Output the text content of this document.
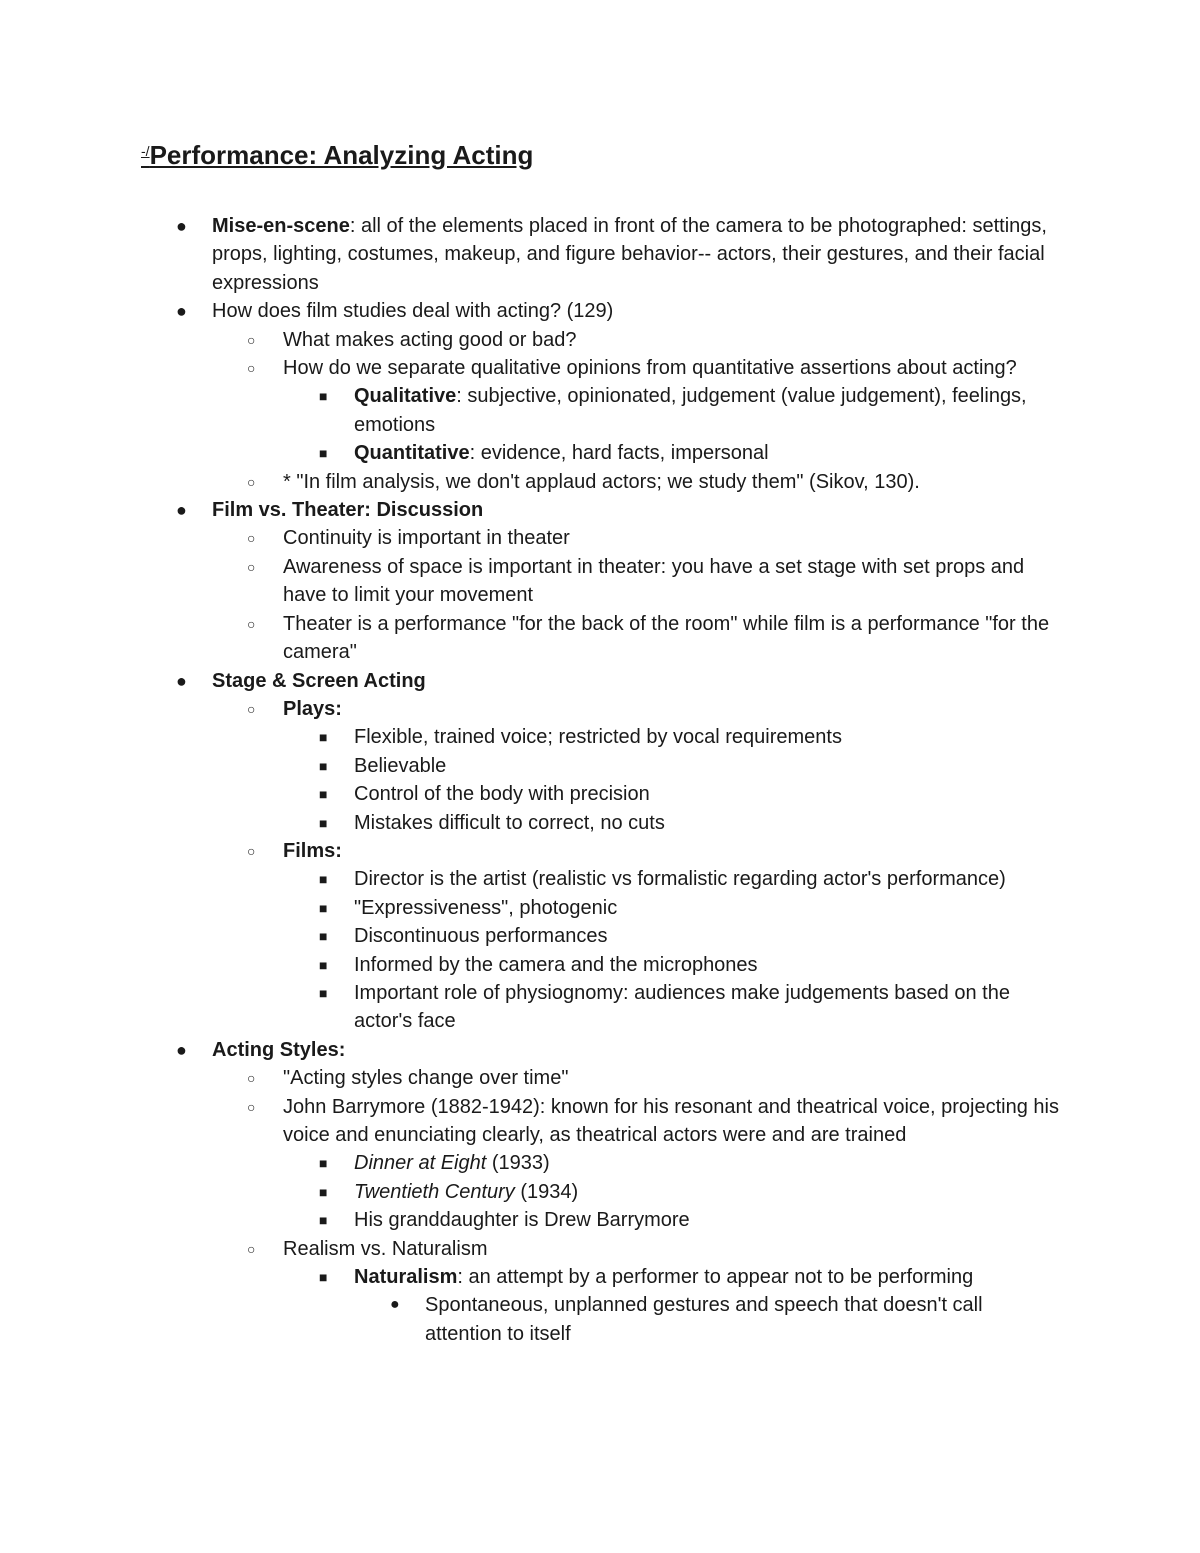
-/Performance: Analyzing Acting
● Mise-en-scene: all of the elements placed in front of the camera to be photographed: settings, props, lighting, costumes, makeup, and figure behavior-- actors, their gestures, and their facial expressions
● How does film studies deal with acting? (129)
○ What makes acting good or bad?
○ How do we separate qualitative opinions from quantitative assertions about acting?
■ Qualitative: subjective, opinionated, judgement (value judgement), feelings, emotions
■ Quantitative: evidence, hard facts, impersonal
○ * "In film analysis, we don't applaud actors; we study them" (Sikov, 130).
● Film vs. Theater: Discussion
○ Continuity is important in theater
○ Awareness of space is important in theater: you have a set stage with set props and have to limit your movement
○ Theater is a performance "for the back of the room" while film is a performance "for the camera"
● Stage & Screen Acting
○ Plays:
■ Flexible, trained voice; restricted by vocal requirements
■ Believable
■ Control of the body with precision
■ Mistakes difficult to correct, no cuts
○ Films:
■ Director is the artist (realistic vs formalistic regarding actor's performance)
■ "Expressiveness", photogenic
■ Discontinuous performances
■ Informed by the camera and the microphones
■ Important role of physiognomy: audiences make judgements based on the actor's face
● Acting Styles:
○ "Acting styles change over time"
○ John Barrymore (1882-1942): known for his resonant and theatrical voice, projecting his voice and enunciating clearly, as theatrical actors were and are trained
■ Dinner at Eight (1933)
■ Twentieth Century (1934)
■ His granddaughter is Drew Barrymore
○ Realism vs. Naturalism
■ Naturalism: an attempt by a performer to appear not to be performing
● Spontaneous, unplanned gestures and speech that doesn't call attention to itself
